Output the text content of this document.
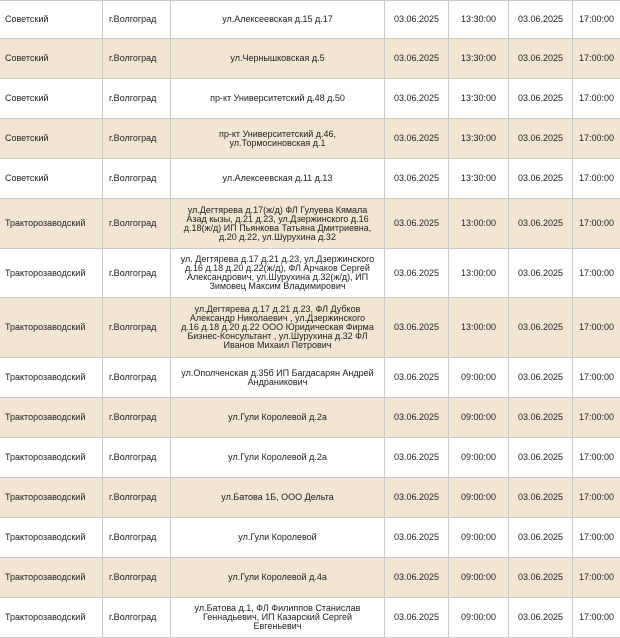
Советский	г.Волгоград	ул.Алексеевская д.15 д.17	03.06.2025	13:30:00	03.06.2025	17:00:00
Советский	г.Волгоград	ул.Чернышковская д.5	03.06.2025	13:30:00	03.06.2025	17:00:00
Советский	г.Волгоград	пр-кт Университетский д.48 д.50	03.06.2025	13:30:00	03.06.2025	17:00:00
Советский	г.Волгоград	пр-кт Университетский д.46,
ул.Тормосиновская д.1	03.06.2025	13:30:00	03.06.2025	17:00:00
Советский	г.Волгоград	ул.Алексеевская д.11 д.13	03.06.2025	13:30:00	03.06.2025	17:00:00
Тракторозаводский	г.Волгоград	ул.Дегтярева д.17(ж/д) ФЛ Гулуева Кямала
Азад кызы, д.21 д.23, ул.Дзержинского д.16
д.18(ж/д) ИП Пьянкова Татьяна Дмитриевна,
д.20 д.22, ул.Шурухина д.32	03.06.2025	13:00:00	03.06.2025	17:00:00
Тракторозаводский	г.Волгоград	ул. Дегтярева д.17 д.21 д.23, ул.Дзержинского
д.16 д.18 д.20 д.22(ж/д), ФЛ Арчаков Сергей
Александрович, ул.Шурухина д.32(ж/д), ИП
Зимовец Максим Владимирович	03.06.2025	13:00:00	03.06.2025	17:00:00
Тракторозаводский	г.Волгоград	ул.Дегтярева д.17 д.21 д.23, ФЛ Дубков
Александр Николаевич , ул.Дзержинского
д.16 д.18 д.20 д.22 ООО Юридическая Фирма
Бизнес-Консультант , ул.Шурухина д.32 ФЛ
Иванов Михаил Петрович	03.06.2025	13:00:00	03.06.2025	17:00:00
Тракторозаводский	г.Волгоград	ул.Ополченская д.35б ИП Багдасарян Андрей
Андраникович	03.06.2025	09:00:00	03.06.2025	17:00:00
Тракторозаводский	г.Волгоград	ул.Гули Королевой д.2а	03.06.2025	09:00:00	03.06.2025	17:00:00
Тракторозаводский	г.Волгоград	ул.Гули Королевой д.2а	03.06.2025	09:00:00	03.06.2025	17:00:00
Тракторозаводский	г.Волгоград	ул.Батова 1Б, ООО Дельта	03.06.2025	09:00:00	03.06.2025	17:00:00
Тракторозаводский	г.Волгоград	ул.Гули Королевой	03.06.2025	09:00:00	03.06.2025	17:00:00
Тракторозаводский	г.Волгоград	ул.Гули Королевой д.4а	03.06.2025	09:00:00	03.06.2025	17:00:00
Тракторозаводский	г.Волгоград	ул.Батова д.1, ФЛ Филиппов Станислав
Геннадьевич, ИП Казарский Сергей
Евгеньевич	03.06.2025	09:00:00	03.06.2025	17:00:00
